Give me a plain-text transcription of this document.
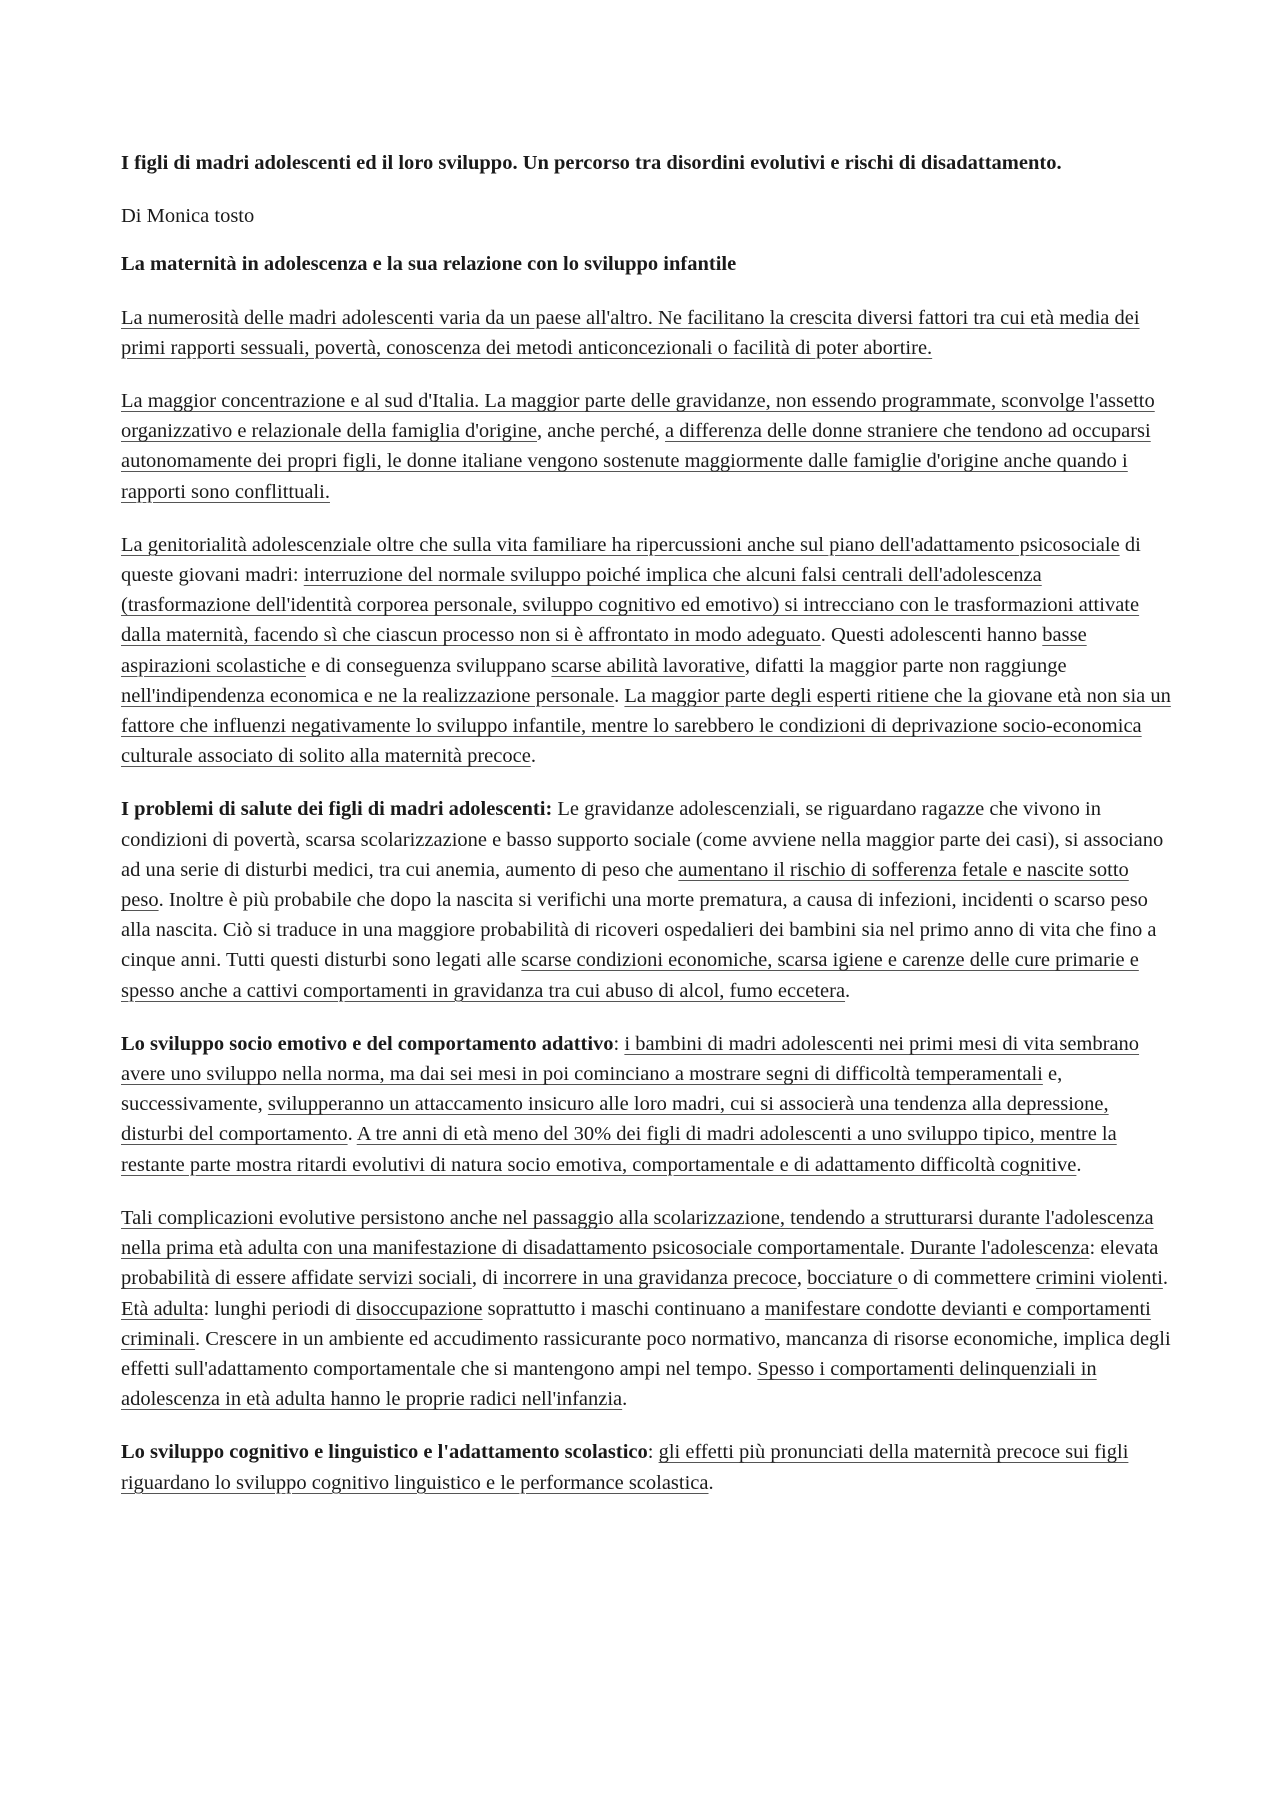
I figli di madri adolescenti ed il loro sviluppo. Un percorso tra disordini evolutivi e rischi di disadattamento.

Di Monica tosto

La maternità in adolescenza e la sua relazione con lo sviluppo infantile

La numerosità delle madri adolescenti varia da un paese all'altro. Ne facilitano la crescita diversi fattori tra cui età media dei primi rapporti sessuali, povertà, conoscenza dei metodi anticoncezionali o facilità di poter abortire.

La maggior concentrazione e al sud d'Italia. La maggior parte delle gravidanze, non essendo programmate, sconvolge l'assetto organizzativo e relazionale della famiglia d'origine, anche perché, a differenza delle donne straniere che tendono ad occuparsi autonomamente dei propri figli, le donne italiane vengono sostenute maggiormente dalle famiglie d'origine anche quando i rapporti sono conflittuali.

La genitorialità adolescenziale oltre che sulla vita familiare ha ripercussioni anche sul piano dell'adattamento psicosociale di queste giovani madri: interruzione del normale sviluppo poiché implica che alcuni falsi centrali dell'adolescenza (trasformazione dell'identità corporea personale, sviluppo cognitivo ed emotivo) si intrecciano con le trasformazioni attivate dalla maternità, facendo sì che ciascun processo non si è affrontato in modo adeguato. Questi adolescenti hanno basse aspirazioni scolastiche e di conseguenza sviluppano scarse abilità lavorative, difatti la maggior parte non raggiunge nell'indipendenza economica e ne la realizzazione personale. La maggior parte degli esperti ritiene che la giovane età non sia un fattore che influenzi negativamente lo sviluppo infantile, mentre lo sarebbero le condizioni di deprivazione socio-economica culturale associato di solito alla maternità precoce.

I problemi di salute dei figli di madri adolescenti: Le gravidanze adolescenziali, se riguardano ragazze che vivono in condizioni di povertà, scarsa scolarizzazione e basso supporto sociale (come avviene nella maggior parte dei casi), si associano ad una serie di disturbi medici, tra cui anemia, aumento di peso che aumentano il rischio di sofferenza fetale e nascite sotto peso. Inoltre è più probabile che dopo la nascita si verifichi una morte prematura, a causa di infezioni, incidenti o scarso peso alla nascita. Ciò si traduce in una maggiore probabilità di ricoveri ospedalieri dei bambini sia nel primo anno di vita che fino a cinque anni. Tutti questi disturbi sono legati alle scarse condizioni economiche, scarsa igiene e carenze delle cure primarie e spesso anche a cattivi comportamenti in gravidanza tra cui abuso di alcol, fumo eccetera.

Lo sviluppo socio emotivo e del comportamento adattivo: i bambini di madri adolescenti nei primi mesi di vita sembrano avere uno sviluppo nella norma, ma dai sei mesi in poi cominciano a mostrare segni di difficoltà temperamentali e, successivamente, svilupperanno un attaccamento insicuro alle loro madri, cui si associerà una tendenza alla depressione, disturbi del comportamento. A tre anni di età meno del 30% dei figli di madri adolescenti a uno sviluppo tipico, mentre la restante parte mostra ritardi evolutivi di natura socio emotiva, comportamentale e di adattamento difficoltà cognitive.

Tali complicazioni evolutive persistono anche nel passaggio alla scolarizzazione, tendendo a strutturarsi durante l'adolescenza nella prima età adulta con una manifestazione di disadattamento psicosociale comportamentale. Durante l'adolescenza: elevata probabilità di essere affidate servizi sociali, di incorrere in una gravidanza precoce, bocciature o di commettere crimini violenti. Età adulta: lunghi periodi di disoccupazione soprattutto i maschi continuano a manifestare condotte devianti e comportamenti criminali. Crescere in un ambiente ed accudimento rassicurante poco normativo, mancanza di risorse economiche, implica degli effetti sull'adattamento comportamentale che si mantengono ampi nel tempo. Spesso i comportamenti delinquenziali in adolescenza in età adulta hanno le proprie radici nell'infanzia.

Lo sviluppo cognitivo e linguistico e l'adattamento scolastico: gli effetti più pronunciati della maternità precoce sui figli riguardano lo sviluppo cognitivo linguistico e le performance scolastica.
